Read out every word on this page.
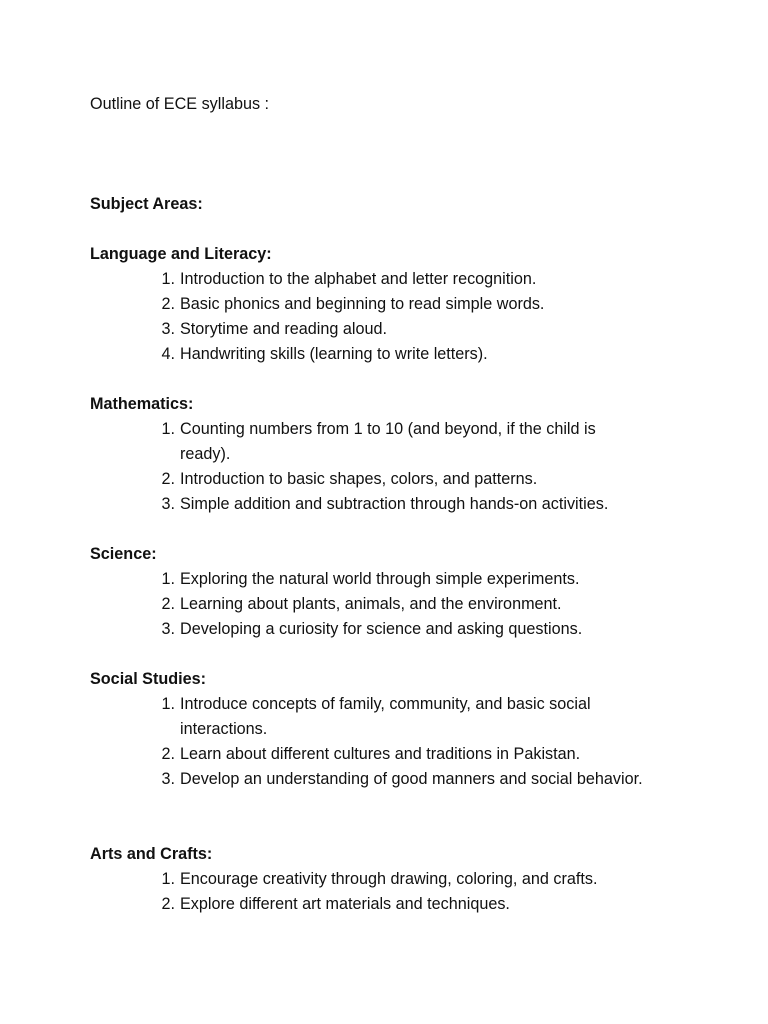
Outline of ECE syllabus :

Subject Areas:

Language and Literacy:

1. Introduction to the alphabet and letter recognition.
2. Basic phonics and beginning to read simple words.
3. Storytime and reading aloud.
4. Handwriting skills (learning to write letters).

Mathematics:

1. Counting numbers from 1 to 10 (and beyond, if the child is ready).
2. Introduction to basic shapes, colors, and patterns.
3. Simple addition and subtraction through hands-on activities.

Science:

1. Exploring the natural world through simple experiments.
2. Learning about plants, animals, and the environment.
3. Developing a curiosity for science and asking questions.

Social Studies:

1. Introduce concepts of family, community, and basic social interactions.
2. Learn about different cultures and traditions in Pakistan.
3. Develop an understanding of good manners and social behavior.

Arts and Crafts:

1. Encourage creativity through drawing, coloring, and crafts.
2. Explore different art materials and techniques.
